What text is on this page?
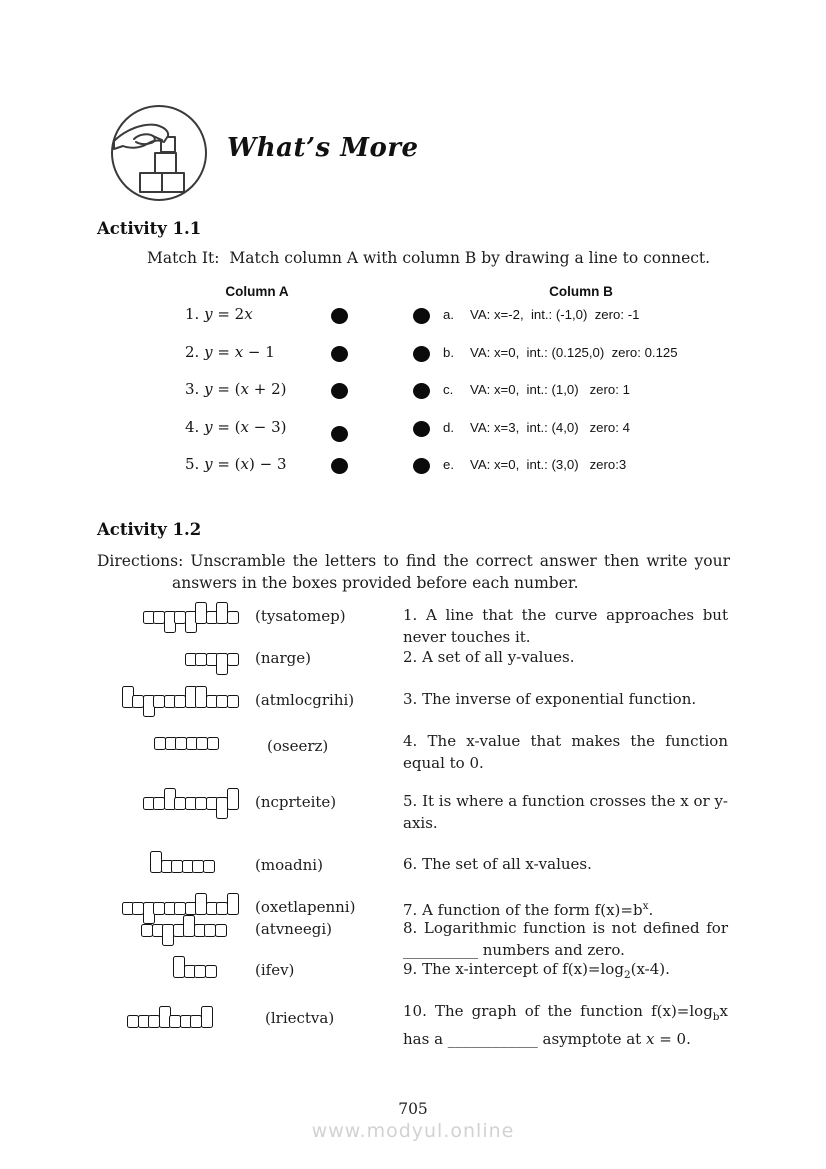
What’s More
Activity 1.1
Match It:  Match column A with column B by drawing a line to connect.
Column A	Column B
1. y = 2x	a. VA: x=-2,  int.: (-1,0)  zero: -1
2. y = x − 1	b. VA: x=0,  int.: (0.125,0)  zero: 0.125
3. y = (x + 2)	c. VA: x=0,  int.: (1,0)   zero: 1
4. y = (x − 3)	d. VA: x=3,  int.: (4,0)   zero: 4
5. y = (x) − 3	e. VA: x=0,  int.: (3,0)   zero:3
Activity 1.2
Directions: Unscramble the letters to find the correct answer then write your answers in the boxes provided before each number.
(tysatomep)	1. A line that the curve approaches but never touches it.
(narge)	2. A set of all y-values.
(atmlocgrihi)	3. The inverse of exponential function.
(oseerz)	4. The x-value that makes the function equal to 0.
(ncprteite)	5. It is where a function crosses the x or y-axis.
(moadni)	6. The set of all x-values.
(oxetlapenni)	7. A function of the form $f(x)=b^x$.
(atvneegi)	8. Logarithmic function is not defined for __________ numbers and zero.
(ifev)	9. The x-intercept of $f(x)=\log_2(x-4)$.
(lriectva)	10. The graph of the function $f(x)=\log_bx$ has a ____________ asymptote at x = 0.
705
www.modyul.online
